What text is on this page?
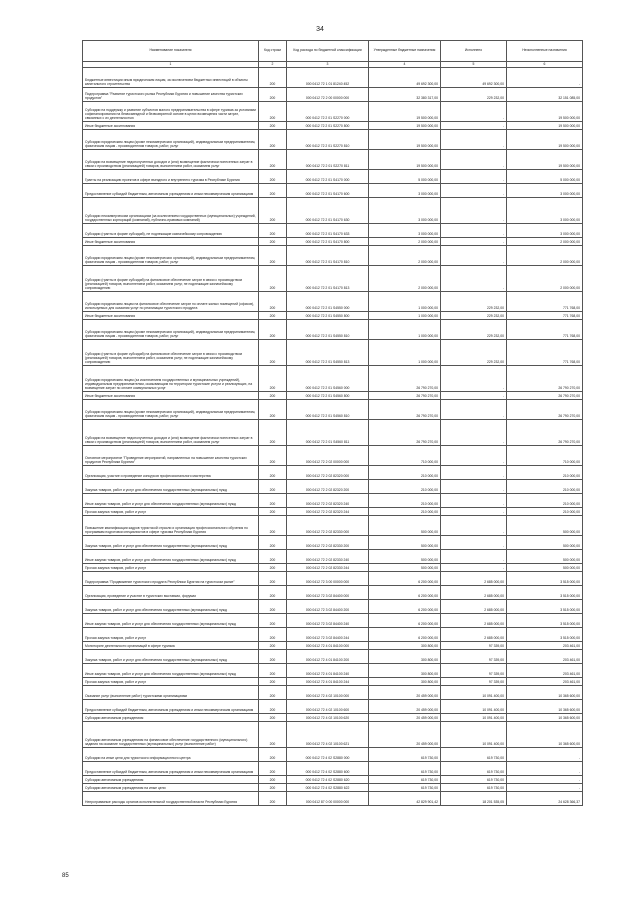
34
Наименование показателя	Код строки	Код расхода по бюджетной классификации	Утвержденные бюджетные назначения	Исполнено	Неисполненные назначения
1	2	3	4	5	6
Бюджетные инвестиции иным юридическим лицам, за исключением бюджетных инвестиций в объекты капитального строительства	200	000 0412 72 1 01 81240 452	49 692 300,00	49 692 300,00	-
Подпрограмма "Развитие туристского рынка Республики Бурятия и повышение качества туристских продуктов"	200	000 0412 72 2 00 00000 000	32 380 317,00	229 232,00	32 151 085,00
Субсидии на поддержку и развитие субъектов малого предпринимательства в сфере туризма за условиями софинансирования на безвозмездной и безвозвратной основе в целях возмещения части затрат, связанных с их деятельностью	200	000 0412 72 2 01 S2270 000	19 500 000,00	-	19 500 000,00
Иные бюджетные ассигнования	200	000 0412 72 2 01 S2270 800	19 500 000,00	-	19 500 000,00
Субсидии юридическим лицам (кроме некоммерческих организаций), индивидуальным предпринимателям, физическим лицам - производителям товаров, работ, услуг	200	000 0412 72 2 01 S2270 810	19 500 000,00	-	19 500 000,00
Субсидии на возмещение недополученных доходов и (или) возмещение фактически понесенных затрат в связи с производством (реализацией) товаров, выполнением работ, оказанием услуг	200	000 0412 72 2 01 S2270 811	19 500 000,00	-	19 500 000,00
Гранты на реализацию проектов в сфере въездного и внутреннего туризма в Республике Бурятия	200	000 0412 72 2 01 S4170 000	5 000 000,00	-	5 000 000,00
Предоставление субсидий бюджетным, автономным учреждениям и иным некоммерческим организациям	200	000 0412 72 2 01 S4170 600	3 000 000,00	-	3 000 000,00
Субсидии некоммерческим организациям (за исключением государственных (муниципальных) учреждений, государственных корпораций (компаний), публично-правовых компаний)	200	000 0412 72 2 01 S4170 630	3 000 000,00	-	3 000 000,00
Субсидии (гранты в форме субсидий), не подлежащие казначейскому сопровождению	200	000 0412 72 2 01 S4170 633	3 000 000,00	-	3 000 000,00
Иные бюджетные ассигнования	200	000 0412 72 2 01 S4170 800	2 000 000,00	-	2 000 000,00
Субсидии юридическим лицам (кроме некоммерческих организаций), индивидуальным предпринимателям, физическим лицам - производителям товаров, работ, услуг	200	000 0412 72 2 01 S4170 810	2 000 000,00	-	2 000 000,00
Субсидии (гранты в форме субсидий) на финансовое обеспечение затрат в связи с производством (реализацией) товаров, выполнением работ, оказанием услуг, не подлежащие казначейскому сопровождению	200	000 0412 72 2 01 S4170 813	2 000 000,00	-	2 000 000,00
Субсидии юридическим лицам на финансовое обеспечение затрат по оплате жилых помещений (офисов), используемых для оказания услуг по реализации туристского продукта	200	000 0412 72 2 01 S4550 000	1 000 000,00	229 232,00	771 768,00
Иные бюджетные ассигнования	200	000 0412 72 2 01 S4550 800	1 000 000,00	229 232,00	771 768,00
Субсидии юридическим лицам (кроме некоммерческих организаций), индивидуальным предпринимателям, физическим лицам - производителям товаров, работ, услуг	200	000 0412 72 2 01 S4550 810	1 000 000,00	229 232,00	771 768,00
Субсидии (гранты в форме субсидий) на финансовое обеспечение затрат в связи с производством (реализацией) товаров, выполнением работ, оказанием услуг, не подлежащие казначейскому сопровождению	200	000 0412 72 2 01 S4550 813	1 000 000,00	229 232,00	771 768,00
Субсидии юридическим лицам (за исключением государственных и муниципальных учреждений), индивидуальным предпринимателям, оказывающим на территории туристские услуги и реализующих, на возмещение затрат по оплате коммунальных услуг	200	000 0412 72 2 01 S4560 000	26 790 270,00	-	26 790 270,00
Иные бюджетные ассигнования	200	000 0412 72 2 01 S4560 800	26 790 270,00	-	26 790 270,00
Субсидии юридическим лицам (кроме некоммерческих организаций), индивидуальным предпринимателям, физическим лицам - производителям товаров, работ, услуг	200	000 0412 72 2 01 S4560 810	26 790 270,00	-	26 790 270,00
Субсидии на возмещение недополученных доходов и (или) возмещение фактически понесенных затрат в связи с производством (реализацией) товаров, выполнением работ, оказанием услуг	200	000 0412 72 2 01 S4560 811	26 790 270,00	-	26 790 270,00
Основное мероприятие "Проведение мероприятий, направленных на повышение качества туристских продуктов Республики Бурятия"	200	000 0412 72 2 02 00000 000	710 000,00	-	710 000,00
Организация, участие и проведение конкурсов профессионального мастерства	200	000 0412 72 2 02 82320 000	210 000,00	-	210 000,00
Закупка товаров, работ и услуг для обеспечения государственных (муниципальных) нужд	200	000 0412 72 2 02 82320 200	210 000,00	-	210 000,00
Иные закупки товаров, работ и услуг для обеспечения государственных (муниципальных) нужд	200	000 0412 72 2 02 82320 240	210 000,00	-	210 000,00
Прочая закупка товаров, работ и услуг	200	000 0412 72 2 02 82320 244	210 000,00	-	210 000,00
Повышение квалификации кадров туристской отрасли и организация профессионального обучения по программам подготовки специалистов в сфере туризма Республики Бурятия	200	000 0412 72 2 02 82330 000	500 000,00	-	500 000,00
Закупка товаров, работ и услуг для обеспечения государственных (муниципальных) нужд	200	000 0412 72 2 02 82330 200	500 000,00	-	500 000,00
Иные закупки товаров, работ и услуг для обеспечения государственных (муниципальных) нужд	200	000 0412 72 2 02 82330 240	500 000,00	-	500 000,00
Прочая закупка товаров, работ и услуг	200	000 0412 72 2 02 82330 244	500 000,00	-	500 000,00
Подпрограмма "Продвижение туристского продукта Республики Бурятия на туристском рынке"	200	000 0412 72 3 00 00000 000	6 200 000,00	2 685 000,00	3 515 000,00
Организация, проведение и участие в туристских выставках, форумах	200	000 0412 72 3 02 84400 000	6 200 000,00	2 685 000,00	3 515 000,00
Закупка товаров, работ и услуг для обеспечения государственных (муниципальных) нужд	200	000 0412 72 3 02 84400 200	6 200 000,00	2 685 000,00	3 515 000,00
Иные закупки товаров, работ и услуг для обеспечения государственных (муниципальных) нужд	200	000 0412 72 3 02 84400 240	6 200 000,00	2 685 000,00	3 515 000,00
Прочая закупка товаров, работ и услуг	200	000 0412 72 3 02 84400 244	6 200 000,00	2 685 000,00	3 515 000,00
Мониторинг деятельности организаций в сфере туризма	200	000 0412 72 4 01 84100 000	300 800,00	97 339,00	203 461,00
Закупка товаров, работ и услуг для обеспечения государственных (муниципальных) нужд	200	000 0412 72 4 01 84100 200	300 800,00	97 339,00	203 461,00
Иные закупки товаров, работ и услуг для обеспечения государственных (муниципальных) нужд	200	000 0412 72 4 01 84100 240	300 800,00	97 339,00	203 461,00
Прочая закупка товаров, работ и услуг	200	000 0412 72 4 01 84100 244	300 800,00	97 339,00	203 461,00
Оказание услуг (выполнение работ) туристскими организациями	200	000 0412 72 4 02 10100 000	20 459 000,00	10 091 400,00	10 365 600,00
Предоставление субсидий бюджетным, автономным учреждениям и иным некоммерческим организациям	200	000 0412 72 4 02 10100 600	20 459 000,00	10 091 400,00	10 365 600,00
Субсидии автономным учреждениям	200	000 0412 72 4 02 10100 620	20 459 000,00	10 091 400,00	10 365 600,00
Субсидии автономным учреждениям на финансовое обеспечение государственного (муниципального) задания на оказание государственных (муниципальных) услуг (выполнение работ)	200	000 0412 72 4 02 10100 621	20 459 000,00	10 091 400,00	10 365 600,00
Субсидии на иные цели для туристского информационного центра	200	000 0412 72 4 02 S2880 000	619 730,00	619 730,00	-
Предоставление субсидий бюджетным, автономным учреждениям и иным некоммерческим организациям	200	000 0412 72 4 02 S2880 600	619 730,00	619 730,00	-
Субсидии автономным учреждениям	200	000 0412 72 4 02 S2880 620	619 730,00	619 730,00	-
Субсидии автономным учреждениям на иные цели	200	000 0412 72 4 02 S2880 622	619 730,00	619 730,00	-
Непрограммные расходы органов исполнительной государственной власти Республики Бурятия	200	000 0412 87 0 00 00000 000	42 829 901,42	18 201 535,05	24 628 366,37
85
